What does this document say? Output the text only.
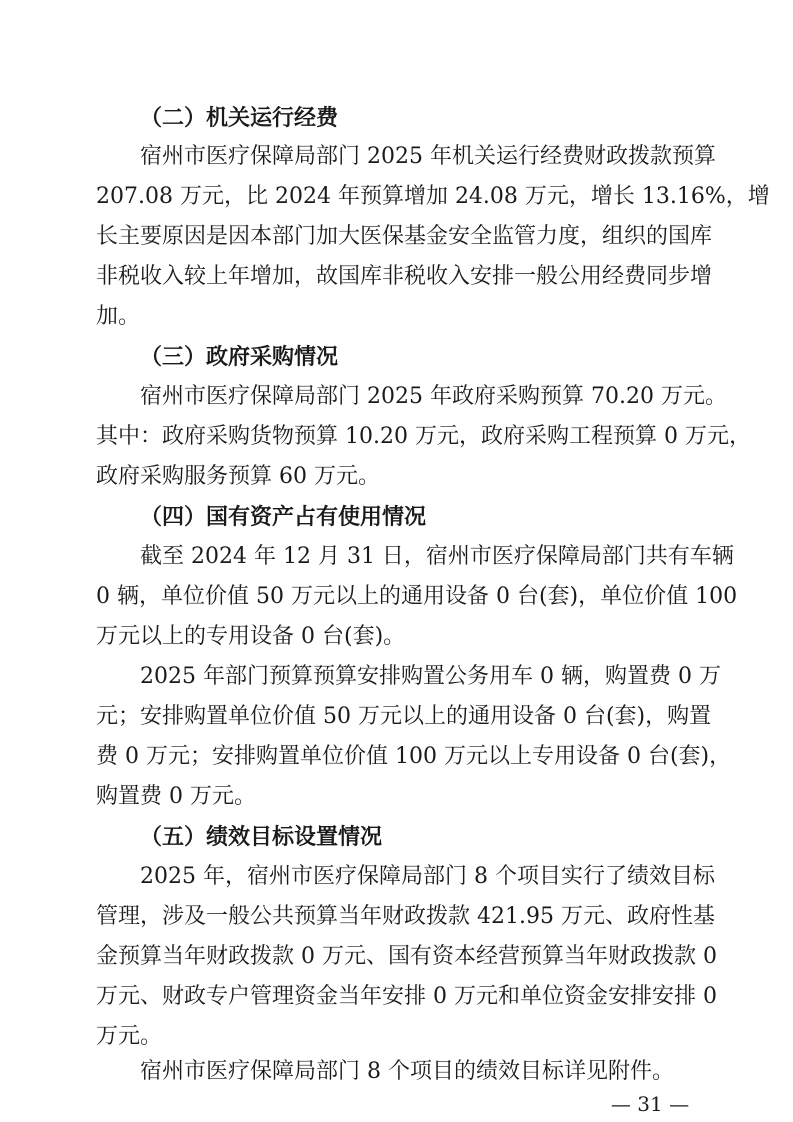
（二）机关运行经费
宿州市医疗保障局部门 2025 年机关运行经费财政拨款预算
207.08 万元，比 2024 年预算增加 24.08 万元，增长 13.16%，增
长主要原因是因本部门加大医保基金安全监管力度，组织的国库
非税收入较上年增加，故国库非税收入安排一般公用经费同步增
加。
（三）政府采购情况
宿州市医疗保障局部门 2025 年政府采购预算 70.20 万元。
其中：政府采购货物预算 10.20 万元，政府采购工程预算 0 万元，
政府采购服务预算 60 万元。
（四）国有资产占有使用情况
截至 2024 年 12 月 31 日，宿州市医疗保障局部门共有车辆
0 辆，单位价值 50 万元以上的通用设备 0 台(套)，单位价值 100
万元以上的专用设备 0 台(套)。
2025 年部门预算预算安排购置公务用车 0 辆，购置费 0 万
元；安排购置单位价值 50 万元以上的通用设备 0 台(套)，购置
费 0 万元；安排购置单位价值 100 万元以上专用设备 0 台(套)，
购置费 0 万元。
（五）绩效目标设置情况
— 31 —
2025 年，宿州市医疗保障局部门 8 个项目实行了绩效目标
管理，涉及一般公共预算当年财政拨款 421.95 万元、政府性基
金预算当年财政拨款 0 万元、国有资本经营预算当年财政拨款 0
万元、财政专户管理资金当年安排 0 万元和单位资金安排安排 0
万元。
宿州市医疗保障局部门 8 个项目的绩效目标详见附件。
